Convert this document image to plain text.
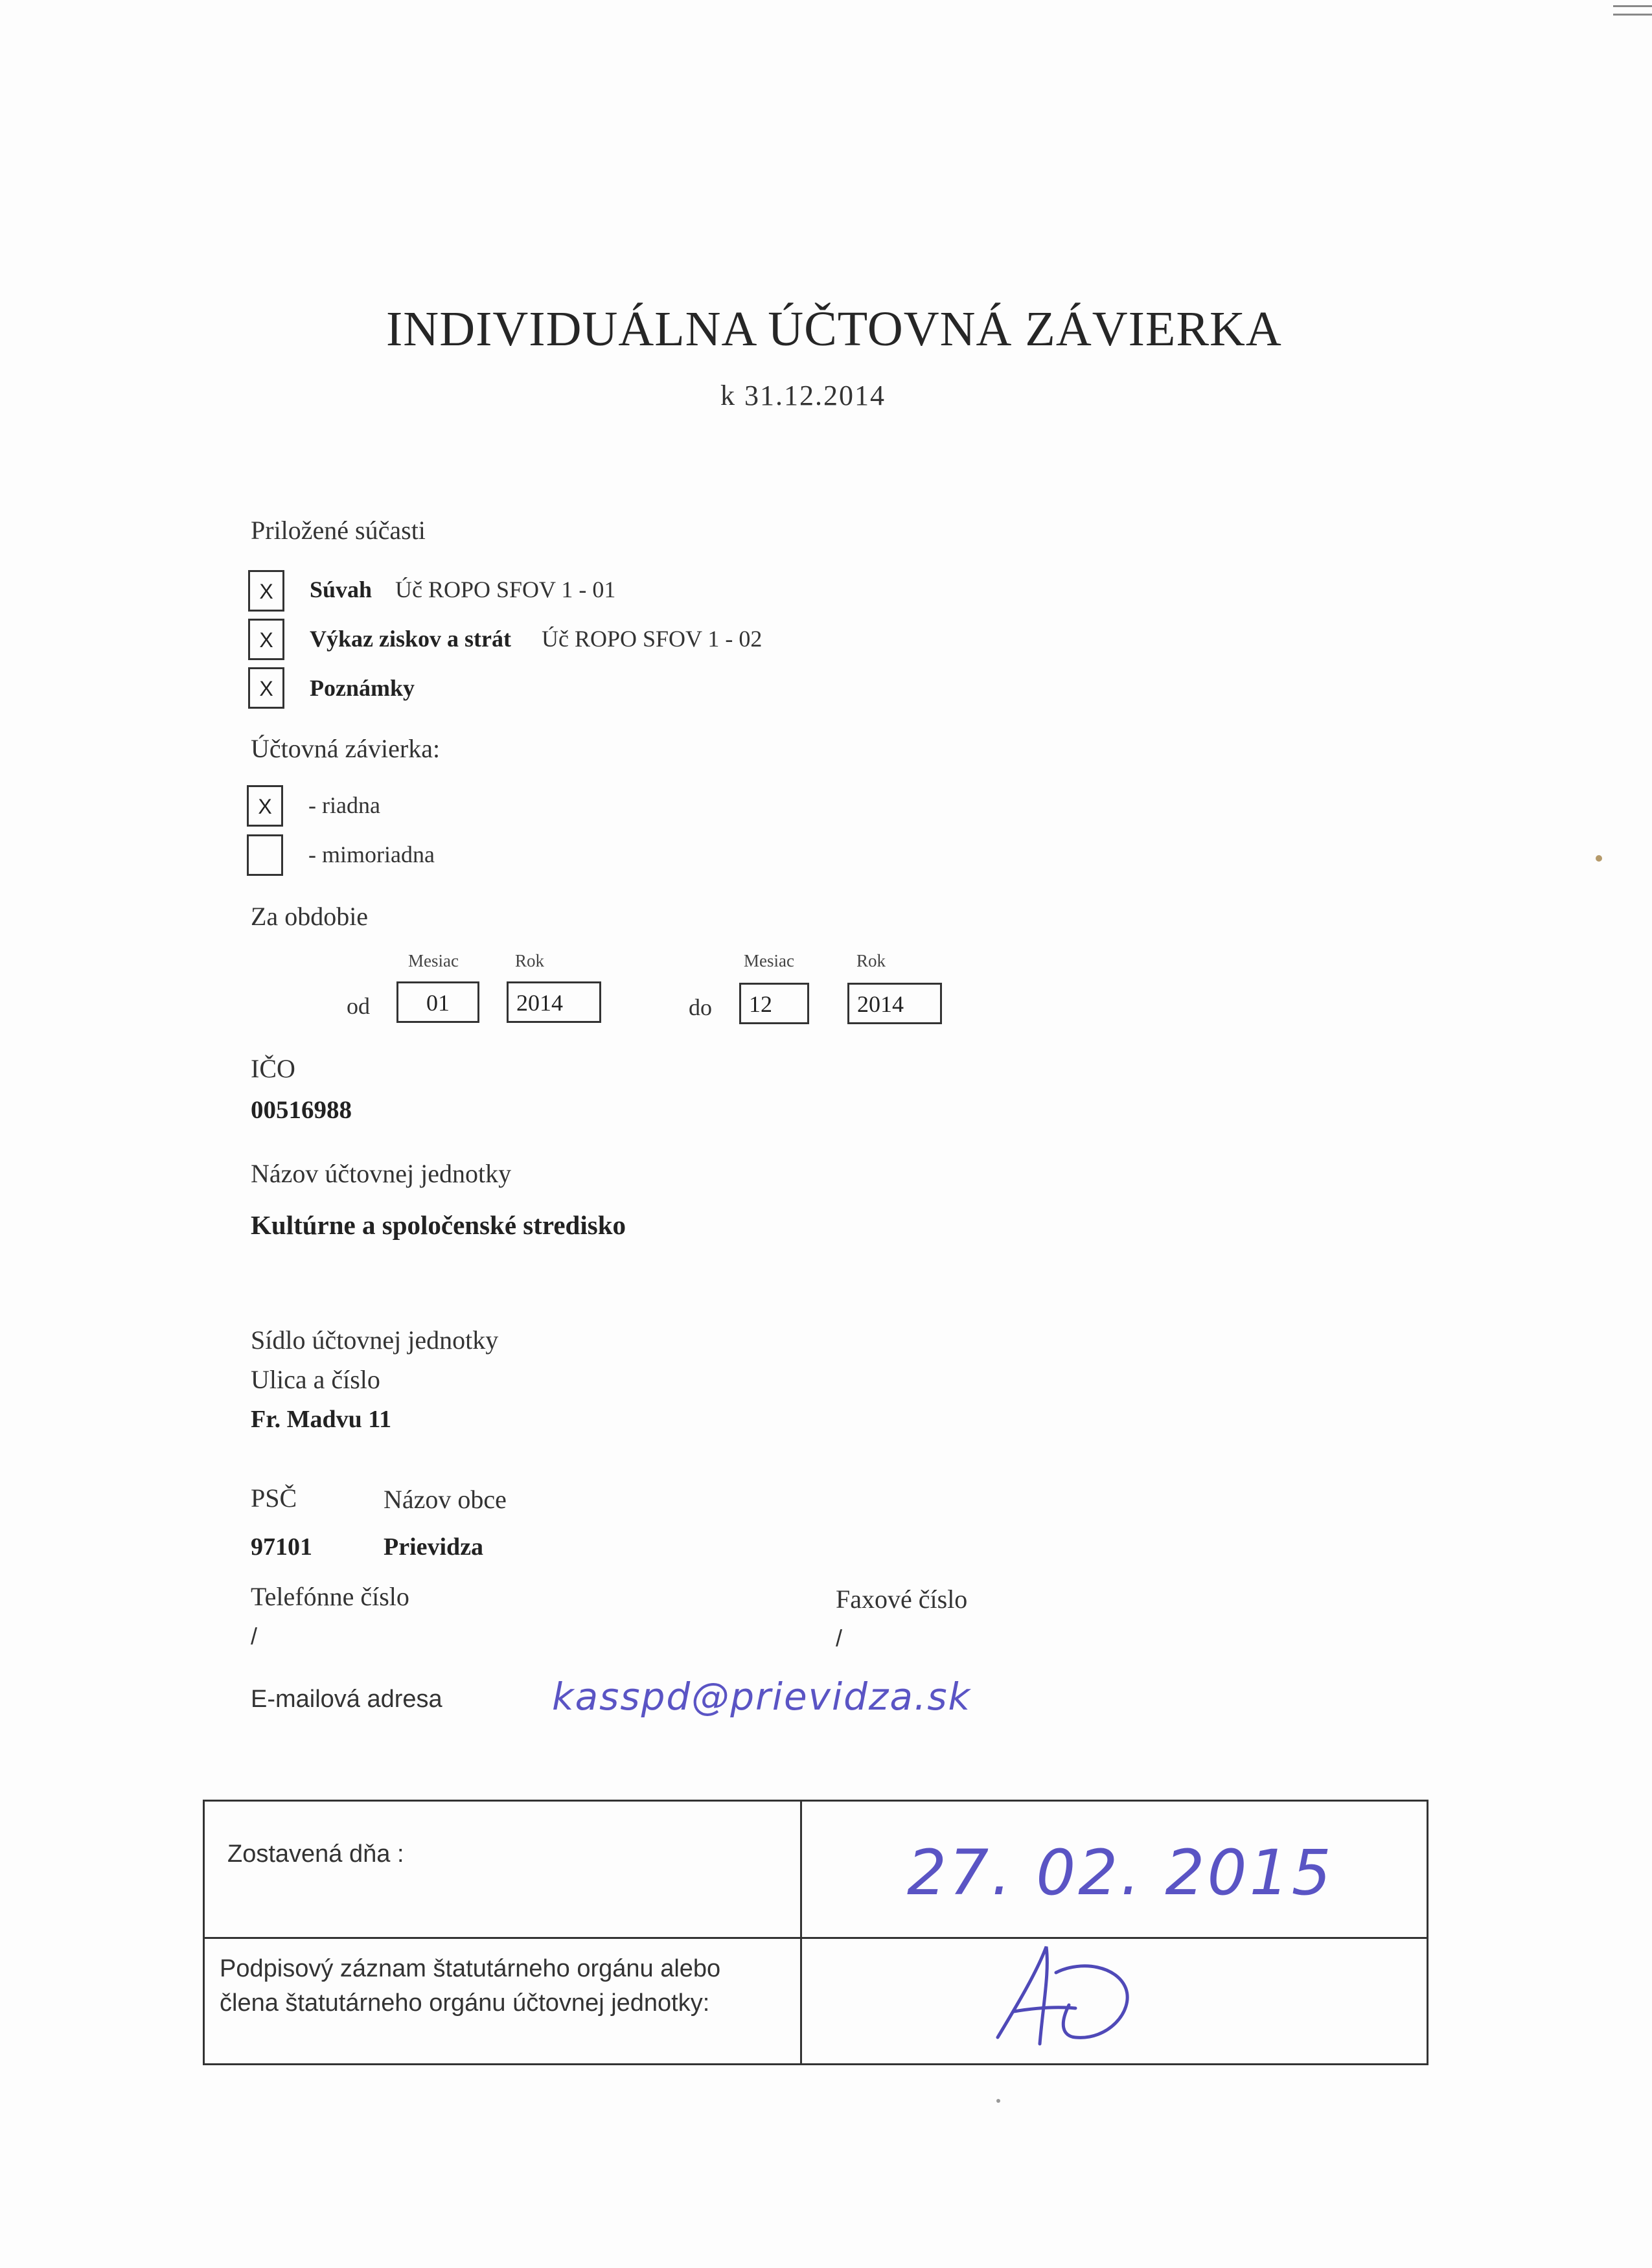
INDIVIDUÁLNA ÚČTOVNÁ ZÁVIERKA
k 31.12.2014
Priložené súčasti
X	Súvah Úč ROPO SFOV 1 - 01
X	Výkaz ziskov a strát Úč ROPO SFOV 1 - 02
X	Poznámky
Účtovná závierka:
X	- riadna
- mimoriadna
Za obdobie
Mesiac	Rok	Mesiac	Rok
od	01	2014	do	12	2014
IČO
00516988
Názov účtovnej jednotky
Kultúrne a spoločenské stredisko
Sídlo účtovnej jednotky
Ulica a číslo
Fr. Madvu 11
PSČ	Názov obce
97101	Prievidza
Telefónne číslo
/
Faxové číslo
/
E-mailová adresa	kasspd@prievidza.sk
Zostavená dňa :	27. 02. 2015
Podpisový záznam štatutárneho orgánu alebo
člena štatutárneho orgánu účtovnej jednotky:
